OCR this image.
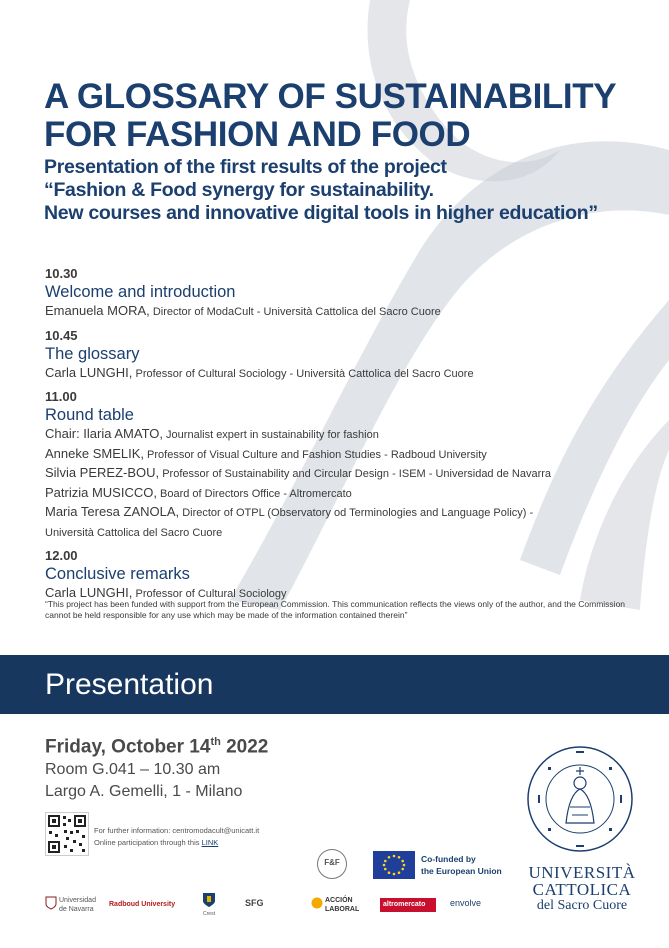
A GLOSSARY OF SUSTAINABILITY
FOR FASHION AND FOOD
Presentation of the first results of the project
“Fashion & Food synergy for sustainability.
New courses and innovative digital tools in higher education”
10.30
Welcome and introduction
Emanuela MORA, Director of ModaCult - Università Cattolica del Sacro Cuore
10.45
The glossary
Carla LUNGHI, Professor of Cultural Sociology - Università Cattolica del Sacro Cuore
11.00
Round table
Chair: Ilaria AMATO, Journalist expert in sustainability for fashion
Anneke SMELIK, Professor of Visual Culture and Fashion Studies - Radboud University
Silvia PEREZ-BOU, Professor of Sustainability and Circular Design - ISEM - Universidad de Navarra
Patrizia MUSICCO, Board of Directors Office - Altromercato
Maria Teresa ZANOLA, Director of OTPL (Observatory od Terminologies and Language Policy) -
Università Cattolica del Sacro Cuore
12.00
Conclusive remarks
Carla LUNGHI, Professor of Cultural Sociology
“This project has been funded with support from the European Commission. This communication reflects the views only of the author, and the Commission cannot be held responsible for any use which may be made of the information contained therein”
Presentation
Friday, October 14th 2022
Room G.041 – 10.30 am
Largo A. Gemelli, 1 - Milano
For further information: centromodacult@unicatt.it
Online participation through this LINK
F&F	Co-funded by
the European Union	UNIVERSITÀ
CATTOLICA
del Sacro Cuore
Universidad de Navarra
Radboud University
Crest
SFG	ACCIÓN LABORAL
altromercato	envolve
